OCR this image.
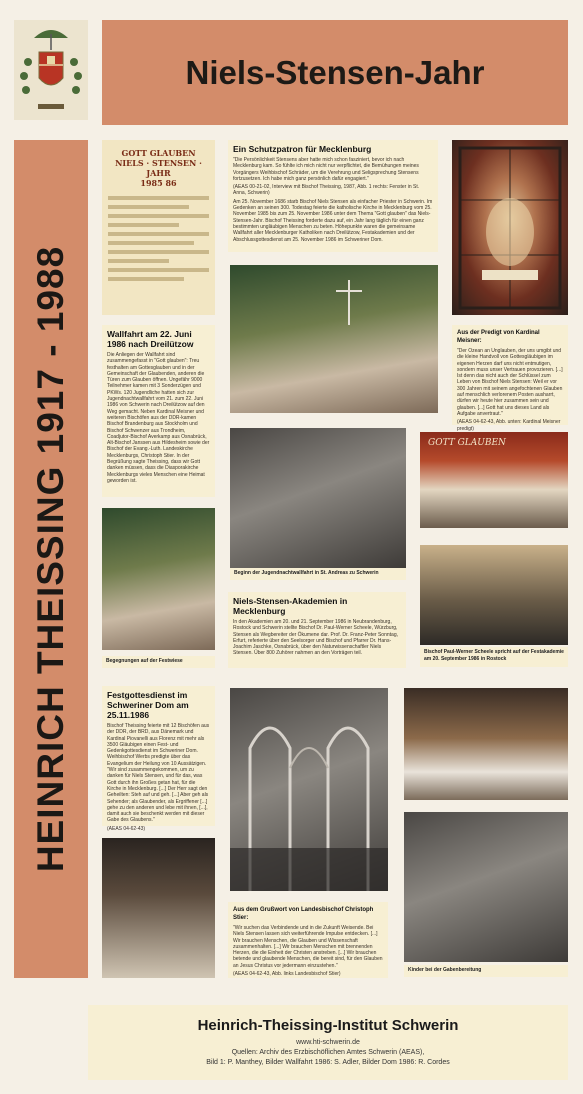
Niels-Stensen-Jahr
HEINRICH THEISSING 1917 - 1988
GOTT GLAUBEN
NIELS · STENSEN · JAHR
1985 86
Ein Schutzpatron für Mecklenburg

"Die Persönlichkeit Stensens aber hatte mich schon fasziniert, bevor ich nach Mecklenburg kam. So fühlte ich mich nicht nur verpflichtet, die Bemühungen meines Vorgängers Weihbischof Schräder, um die Verehrung und Seligsprechung Stensens fortzusetzen. Ich habe mich ganz persönlich dafür engagiert."

(AEAS 00-21-02, Interview mit Bischof Theissing, 1987, Abb. 1 rechts: Fenster in St. Anna, Schwerin)

Am 25. November 1686 starb Bischof Niels Stensen als einfacher Priester in Schwerin. Im Gedenken an seinen 300. Todestag feierte die katholische Kirche in Mecklenburg vom 25. November 1985 bis zum 25. November 1986 unter dem Thema "Gott glauben" das Niels-Stensen-Jahr. Bischof Theissing forderte dazu auf, ein Jahr lang täglich für einen ganz bestimmten ungläubigen Menschen zu beten. Höhepunkte waren die gemeinsame Wallfahrt aller Mecklenburger Katholiken nach Dreilützow, Festakademien und der Abschlussgottesdienst am 25. November 1986 im Schweriner Dom.

Wallfahrt am 22. Juni 1986 nach Dreilützow

Die Anliegen der Wallfahrt sind zusammengefasst in "Gott glauben": Treu festhalten am Gottesglauben und in der Gemeinschaft der Glaubenden, anderen die Türen zum Glauben öffnen. Ungefähr 9000 Teilnehmer kamen mit 3 Sonderzügen und PKWs. 120 Jugendliche hatten sich zur Jugendnachtwallfahrt vom 21. zum 22. Juni 1986 von Schwerin nach Dreilützow auf den Weg gemacht. Neben Kardinal Meisner und weiteren Bischöfen aus der DDR-kamen Bischof Brandenburg aus Stockholm und Bischof Schwenzer aus Trondheim, Coadjutor-Bischof Averkamp aus Osnabrück, Alt-Bischof Janssen aus Hildesheim sowie der Bischof der Evang.-Luth. Landeskirche Mecklenburgs, Christoph Stier. In der Begrüßung sagte Theissing, dass wir Gott danken müssen, dass die Diasporakirche Mecklenburgs vieles Menschen eine Heimat geworden ist.

Aus der Predigt von Kardinal Meisner:

"Der Ozean an Unglauben, der uns umgibt und die kleine Handvoll von Gottesgläubigen im eigenen Herzen darf uns nicht entmutigen, sondern muss unser Vertrauen provozieren. [...] Ist denn das nicht auch der Schlüssel zum Leben von Bischof Niels Stensen: Weil er vor 300 Jahren mit seinem angefochtenen Glauben auf menschlich verlorenem Posten ausharrt, dürfen wir heute hier zusammen sein und glauben. [...] Gott hat uns dieses Land als Aufgabe anvertraut."

(AEAS 04-62-43, Abb. unten: Kardinal Meisner predigt)

Beginn der Jugendnachtwallfahrt in St. Andreas zu Schwerin
GOTT GLAUBEN
Begegnungen auf der Festwiese
Bischof Paul-Werner Scheele spricht auf der Festakademie am 20. September 1986 in Rostock
Niels-Stensen-Akademien in Mecklenburg

In den Akademien am 20. und 21. September 1986 in Neubrandenburg, Rostock und Schwerin stellte Bischof Dr. Paul-Werner Scheele, Würzburg, Stensen als Wegbereiter der Ökumene dar. Prof. Dr. Franz-Peter Sonntag, Erfurt, referierte über den Seelsorger und Bischof und Pfarrer Dr. Hans-Joachim Jaschke, Osnabrück, über den Naturwissenschaftler Niels Stensen. Über 800 Zuhörer nahmen an den Vorträgen teil.

Festgottesdienst im Schweriner Dom am 25.11.1986

Bischof Theissing feierte mit 12 Bischöfen aus der DDR, der BRD, aus Dänemark und Kardinal Piovanelli aus Florenz mit mehr als 3500 Gläubigen einen Fest- und Gedenkgottesdienst im Schweriner Dom. Weihbischof Werbs predigte über das Evangelium der Heilung von 10 Aussätzigen. "Wir sind zusammengekommen, um zu danken für Niels Stensen, und für das, was Gott durch ihn Großes getan hat, für die Kirche in Mecklenburg. [...] Der Herr sagt den Geheilten: Steh auf und geh. [...] Aber geh als Sehender; als Glaubender, als Ergriffener [...] gehe zu den anderen und lebe mit ihnen, [...], damit auch sie beschenkt werden mit dieser Gabe des Glaubens."

(AEAS 04-62-43)

Kinder bei der Gabenbereitung
Aus dem Grußwort von Landesbischof Christoph Stier:

"Wir suchen das Verbindende und in die Zukunft Weisende. Bei Niels Stensen lassen sich weiterführende Impulse entdecken. [...] Wir brauchen Menschen, die Glauben und Wissenschaft zusammenhalten. [...] Wir brauchen Menschen mit brennenden Herzen, die die Einheit der Christen anstreben. [...] Wir brauchen betende und glaubende Menschen, die bereit sind, für den Glauben an Jesus Christus vor jedermann einzustehen."

(AEAS 04-62-43, Abb. links Landesbischof Stier)

Heinrich-Theissing-Institut Schwerin
www.hti-schwerin.de
Quellen: Archiv des Erzbischöflichen Amtes Schwerin (AEAS),
Bild 1: P. Manthey, Bilder Wallfahrt 1986: S. Adler, Bilder Dom 1986: R. Cordes
